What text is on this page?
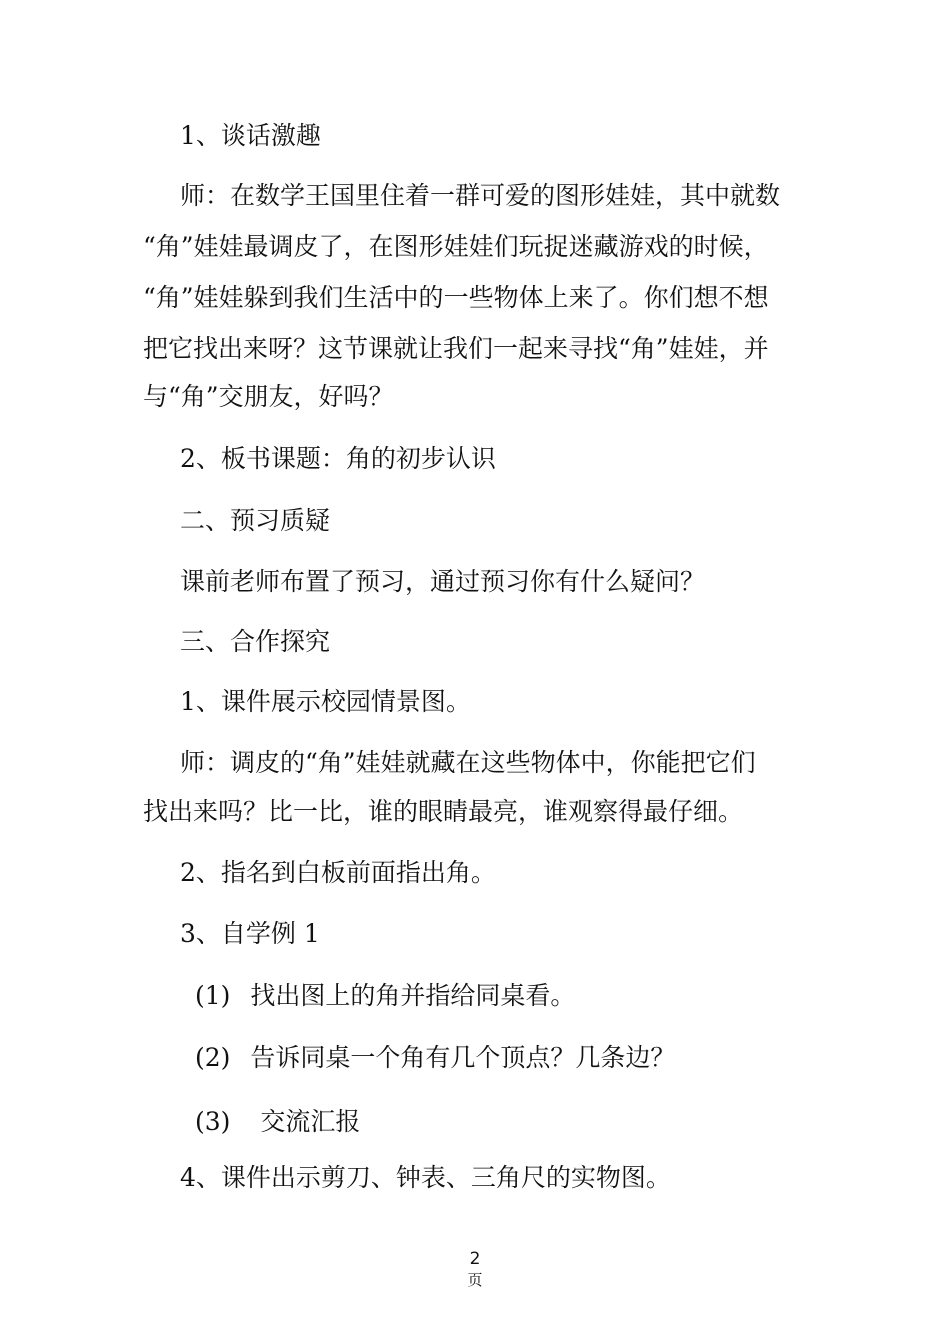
1、谈话激趣
师：在数学王国里住着一群可爱的图形娃娃，其中就数
“角”娃娃最调皮了，在图形娃娃们玩捉迷藏游戏的时候，
“角”娃娃躲到我们生活中的一些物体上来了。你们想不想
把它找出来呀？这节课就让我们一起来寻找“角”娃娃，并
与“角”交朋友，好吗？
2、板书课题：角的初步认识
二、预习质疑
课前老师布置了预习，通过预习你有什么疑问？
三、合作探究
1、课件展示校园情景图。
师：调皮的“角”娃娃就藏在这些物体中，你能把它们
找出来吗？比一比，谁的眼睛最亮，谁观察得最仔细。
2、指名到白板前面指出角。
3、自学例 1
(1) 找出图上的角并指给同桌看。
(2) 告诉同桌一个角有几个顶点？几条边？
(3) 交流汇报
4、课件出示剪刀、钟表、三角尺的实物图。
2
页
